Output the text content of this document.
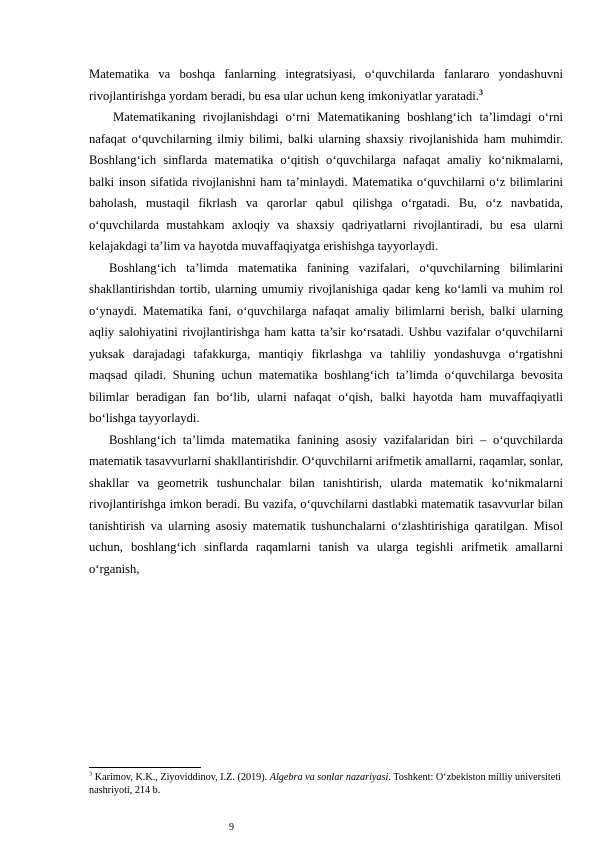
Matematika va boshqa fanlarning integratsiyasi, o‘quvchilarda fanlararo yondashuvni rivojlantirishga yordam beradi, bu esa ular uchun keng imkoniyatlar yaratadi.$^3$

Matematikaning rivojlanishdagi o‘rni Matematikaning boshlang‘ich ta’limdagi o‘rni nafaqat o‘quvchilarning ilmiy bilimi, balki ularning shaxsiy rivojlanishida ham muhimdir. Boshlang‘ich sinflarda matematika o‘qitish o‘quvchilarga nafaqat amaliy ko‘nikmalarni, balki inson sifatida rivojlanishni ham ta’minlaydi. Matematika o‘quvchilarni o‘z bilimlarini baholash, mustaqil fikrlash va qarorlar qabul qilishga o‘rgatadi. Bu, o‘z navbatida, o‘quvchilarda mustahkam axloqiy va shaxsiy qadriyatlarni rivojlantiradi, bu esa ularni kelajakdagi ta’lim va hayotda muvaffaqiyatga erishishga tayyorlaydi.

Boshlang‘ich ta’limda matematika fanining vazifalari, o‘quvchilarning bilimlarini shakllantirishdan tortib, ularning umumiy rivojlanishiga qadar keng ko‘lamli va muhim rol o‘ynaydi. Matematika fani, o‘quvchilarga nafaqat amaliy bilimlarni berish, balki ularning aqliy salohiyatini rivojlantirishga ham katta ta’sir ko‘rsatadi. Ushbu vazifalar o‘quvchilarni yuksak darajadagi tafakkurga, mantiqiy fikrlashga va tahliliy yondashuvga o‘rgatishni maqsad qiladi. Shuning uchun matematika boshlang‘ich ta’limda o‘quvchilarga bevosita bilimlar beradigan fan bo‘lib, ularni nafaqat o‘qish, balki hayotda ham muvaffaqiyatli bo‘lishga tayyorlaydi.

Boshlang‘ich ta’limda matematika fanining asosiy vazifalaridan biri – o‘quvchilarda matematik tasavvurlarni shakllantirishdir. O‘quvchilarni arifmetik amallarni, raqamlar, sonlar, shakllar va geometrik tushunchalar bilan tanishtirish, ularda matematik ko‘nikmalarni rivojlantirishga imkon beradi. Bu vazifa, o‘quvchilarni dastlabki matematik tasavvurlar bilan tanishtirish va ularning asosiy matematik tushunchalarni o‘zlashtirishiga qaratilgan. Misol uchun, boshlang‘ich sinflarda raqamlarni tanish va ularga tegishli arifmetik amallarni o‘rganish,

$^3$ Karimov, K.K., Ziyoviddinov, I.Z. (2019). Algebra va sonlar nazariyasi. Toshkent: O‘zbekiston milliy universiteti nashriyoti, 214 b.
9
